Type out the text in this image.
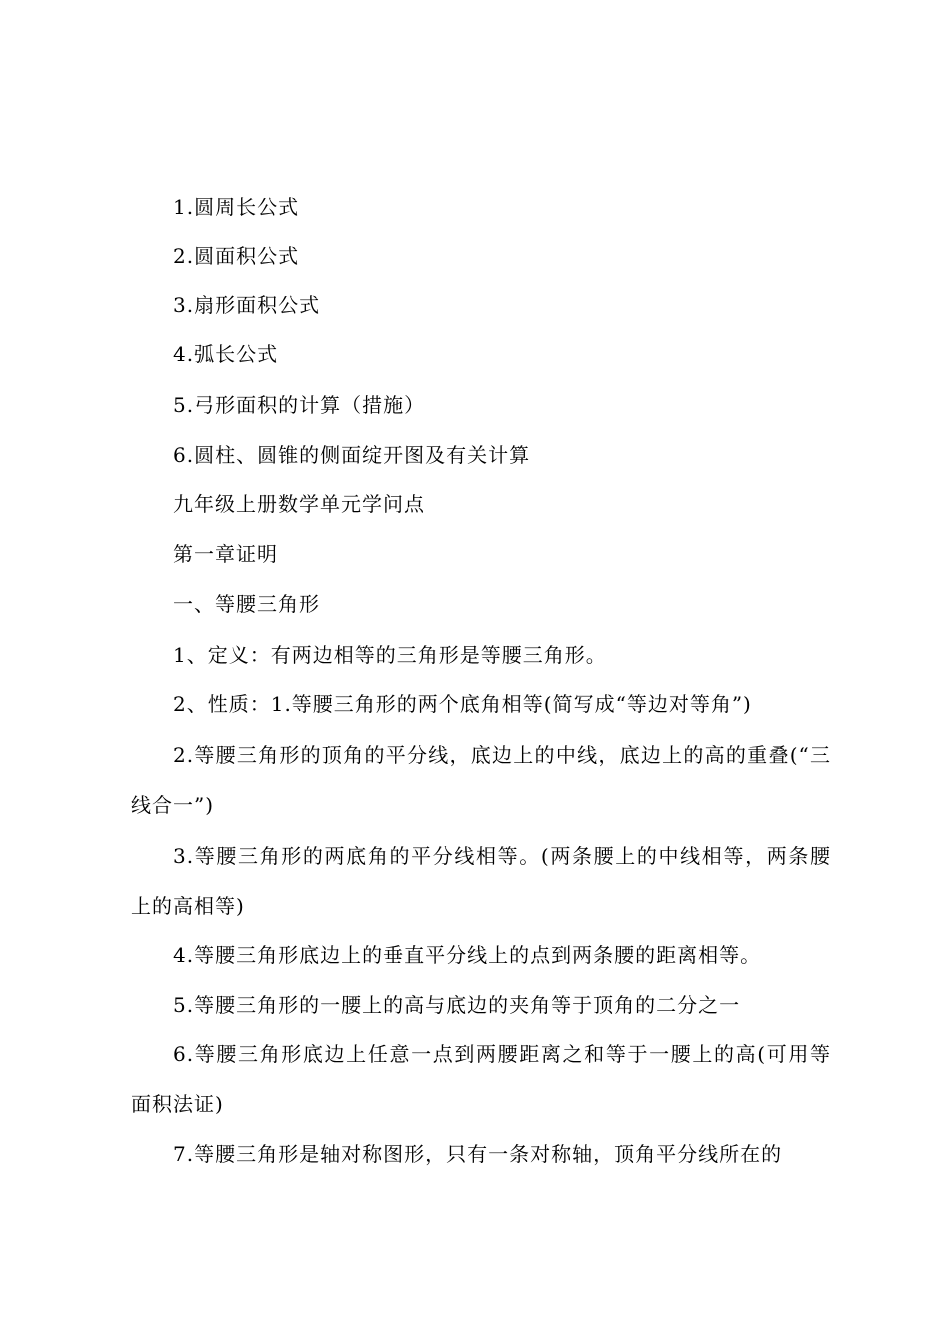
1.圆周长公式
2.圆面积公式
3.扇形面积公式
4.弧长公式
5.弓形面积的计算（措施）
6.圆柱、圆锥的侧面绽开图及有关计算
九年级上册数学单元学问点
第一章证明
一、等腰三角形
1、定义：有两边相等的三角形是等腰三角形。
2、性质：1.等腰三角形的两个底角相等(简写成“等边对等角”)
2.等腰三角形的顶角的平分线，底边上的中线，底边上的高的重叠(“三线合一”)
3.等腰三角形的两底角的平分线相等。(两条腰上的中线相等，两条腰上的高相等)
4.等腰三角形底边上的垂直平分线上的点到两条腰的距离相等。
5.等腰三角形的一腰上的高与底边的夹角等于顶角的二分之一
6.等腰三角形底边上任意一点到两腰距离之和等于一腰上的高(可用等面积法证)
7.等腰三角形是轴对称图形，只有一条对称轴，顶角平分线所在的
